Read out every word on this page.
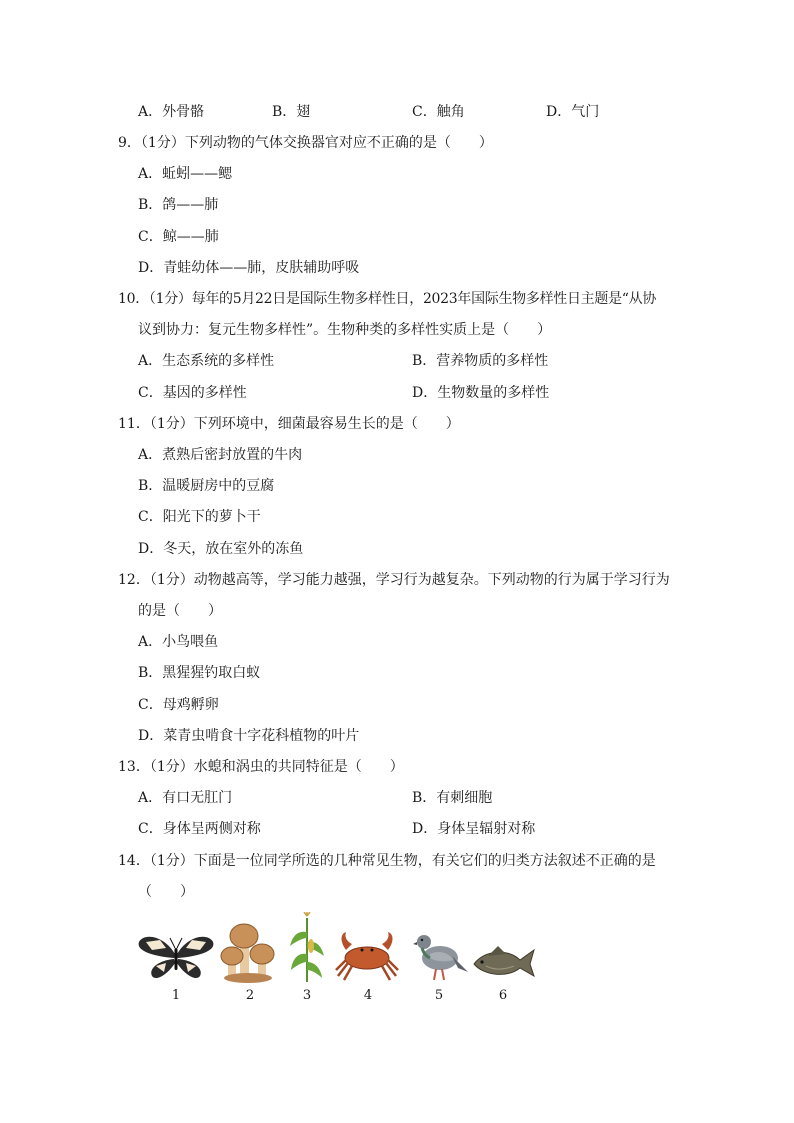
A．外骨骼	B．翅	C．触角	D．气门
9．（1分）下列动物的气体交换器官对应不正确的是（　　）
A．蚯蚓——鳃
B．鸽——肺
C．鲸——肺
D．青蛙幼体——肺，皮肤辅助呼吸
10．（1分）每年的5月22日是国际生物多样性日，2023年国际生物多样性日主题是“从协
议到协力：复元生物多样性”。生物种类的多样性实质上是（　　）
A．生态系统的多样性	B．营养物质的多样性
C．基因的多样性	D．生物数量的多样性
11．（1分）下列环境中，细菌最容易生长的是（　　）
A．煮熟后密封放置的牛肉
B．温暖厨房中的豆腐
C．阳光下的萝卜干
D．冬天，放在室外的冻鱼
12．（1分）动物越高等，学习能力越强，学习行为越复杂。下列动物的行为属于学习行为
的是（　　）
A．小鸟喂鱼
B．黑猩猩钓取白蚁
C．母鸡孵卵
D．菜青虫啃食十字花科植物的叶片
13．（1分）水螅和涡虫的共同特征是（　　）
A．有口无肛门	B．有刺细胞
C．身体呈两侧对称	D．身体呈辐射对称
14．（1分）下面是一位同学所选的几种常见生物，有关它们的归类方法叙述不正确的是
（　　）
1	2	3	4	5	6
